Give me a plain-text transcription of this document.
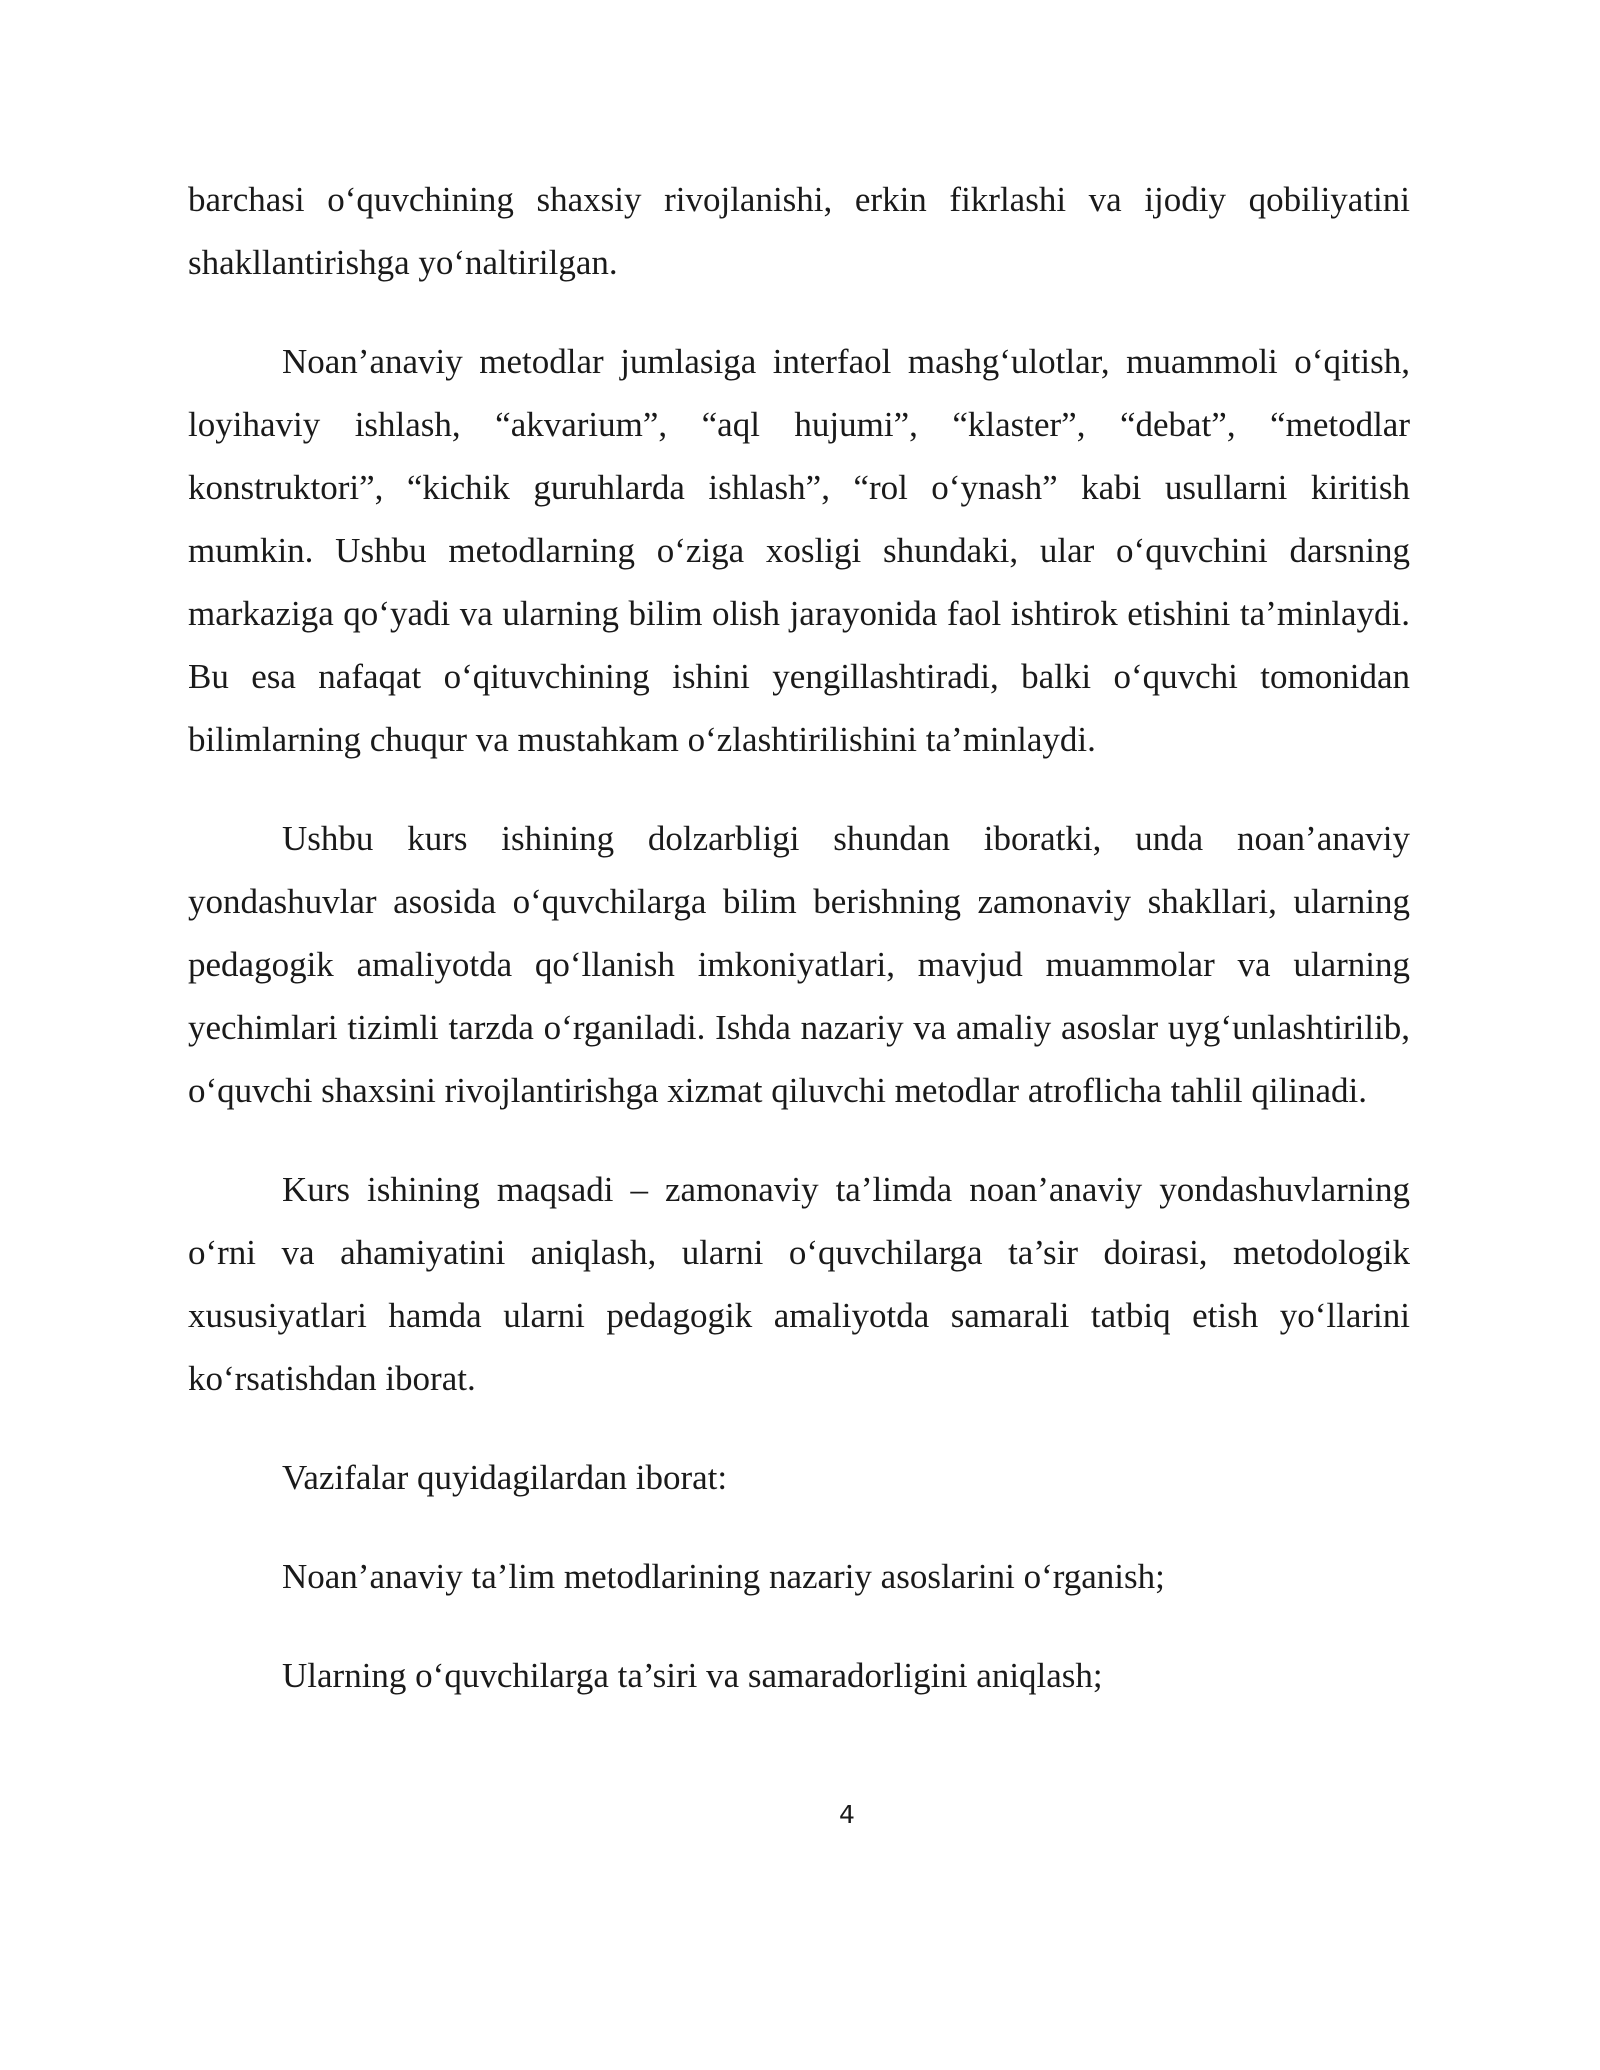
barchasi o‘quvchining shaxsiy rivojlanishi, erkin fikrlashi va ijodiy qobiliyatini shakllantirishga yo‘naltirilgan.

Noan’anaviy metodlar jumlasiga interfaol mashg‘ulotlar, muammoli o‘qitish, loyihaviy ishlash, “akvarium”, “aql hujumi”, “klaster”, “debat”, “metodlar konstruktori”, “kichik guruhlarda ishlash”, “rol o‘ynash” kabi usullarni kiritish mumkin. Ushbu metodlarning o‘ziga xosligi shundaki, ular o‘quvchini darsning markaziga qo‘yadi va ularning bilim olish jarayonida faol ishtirok etishini ta’minlaydi. Bu esa nafaqat o‘qituvchining ishini yengillashtiradi, balki o‘quvchi tomonidan bilimlarning chuqur va mustahkam o‘zlashtirilishini ta’minlaydi.

Ushbu kurs ishining dolzarbligi shundan iboratki, unda noan’anaviy yondashuvlar asosida o‘quvchilarga bilim berishning zamonaviy shakllari, ularning pedagogik amaliyotda qo‘llanish imkoniyatlari, mavjud muammolar va ularning yechimlari tizimli tarzda o‘rganiladi. Ishda nazariy va amaliy asoslar uyg‘unlashtirilib, o‘quvchi shaxsini rivojlantirishga xizmat qiluvchi metodlar atroflicha tahlil qilinadi.

Kurs ishining maqsadi – zamonaviy ta’limda noan’anaviy yondashuvlarning o‘rni va ahamiyatini aniqlash, ularni o‘quvchilarga ta’sir doirasi, metodologik xususiyatlari hamda ularni pedagogik amaliyotda samarali tatbiq etish yo‘llarini ko‘rsatishdan iborat.

Vazifalar quyidagilardan iborat:

Noan’anaviy ta’lim metodlarining nazariy asoslarini o‘rganish;

Ularning o‘quvchilarga ta’siri va samaradorligini aniqlash;

4
